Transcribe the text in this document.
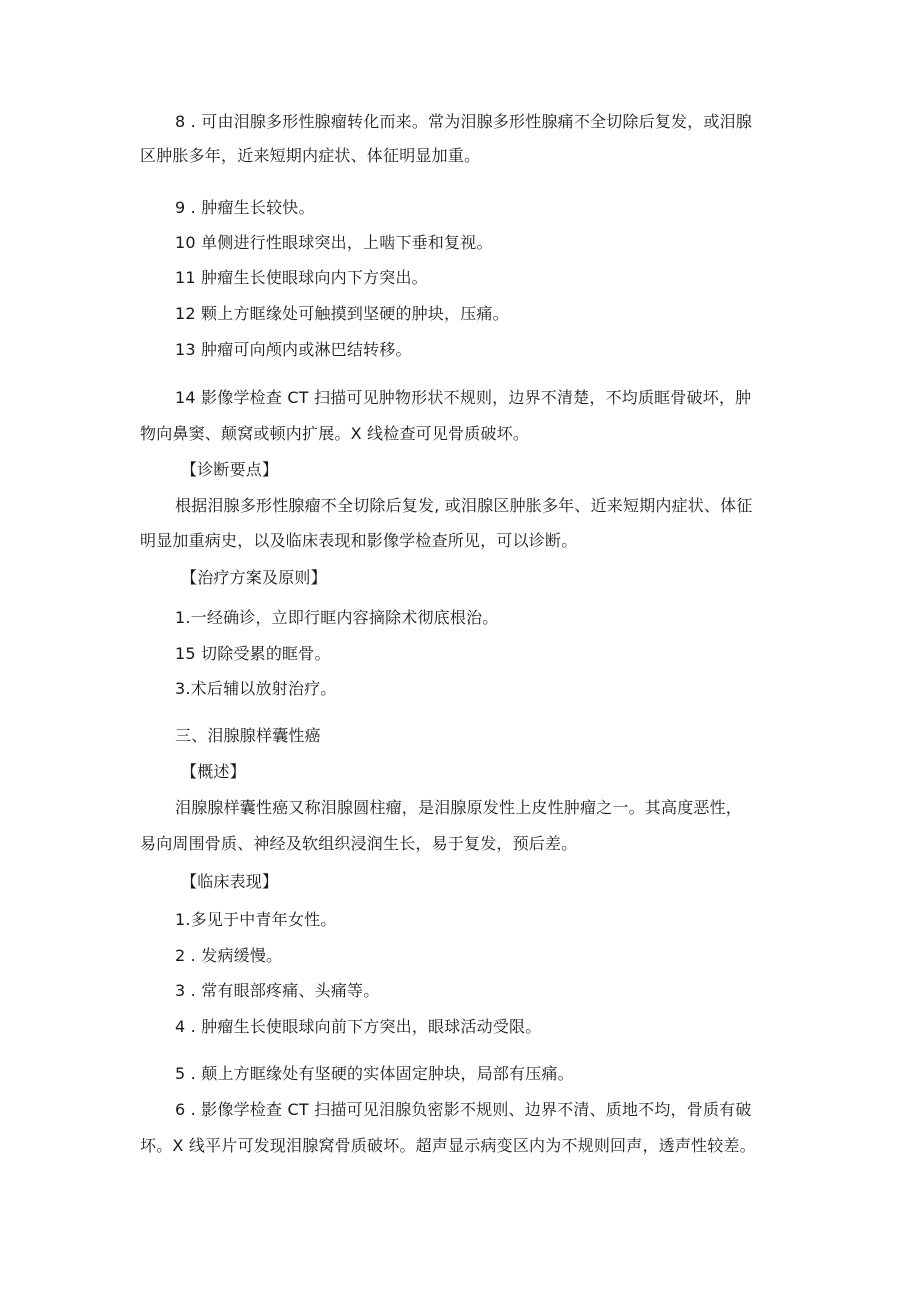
8 . 可由泪腺多形性腺瘤转化而来。常为泪腺多形性腺痛不全切除后复发，或泪腺
区肿胀多年，近来短期内症状、体征明显加重。
9 . 肿瘤生长较快。
10 单侧进行性眼球突出，上啮下垂和复视。
11 肿瘤生长使眼球向内下方突出。
12 颗上方眶缘处可触摸到坚硬的肿块，压痛。
13 肿瘤可向颅内或淋巴结转移。
14 影像学检查 CT 扫描可见肿物形状不规则，边界不清楚，不均质眶骨破坏，肿
物向鼻窦、颠窝或顿内扩展。X 线检查可见骨质破坏。
【诊断要点】
根据泪腺多形性腺瘤不全切除后复发, 或泪腺区肿胀多年、近来短期内症状、体征
明显加重病史，以及临床表现和影像学检查所见，可以诊断。
【治疗方案及原则】
1.一经确诊，立即行眶内容摘除术彻底根治。
15 切除受累的眶骨。
3.术后辅以放射治疗。
三、泪腺腺样囊性癌
【概述】
泪腺腺样囊性癌又称泪腺圆柱瘤，是泪腺原发性上皮性肿瘤之一。其高度恶性，
易向周围骨质、神经及软组织浸润生长，易于复发，预后差。
【临床表现】
1.多见于中青年女性。
2 . 发病缓慢。
3 . 常有眼部疼痛、头痛等。
4 . 肿瘤生长使眼球向前下方突出，眼球活动受限。
5 . 颠上方眶缘处有坚硬的实体固定肿块，局部有压痛。
6 . 影像学检查 CT 扫描可见泪腺负密影不规则、边界不清、质地不均，骨质有破
坏。X 线平片可发现泪腺窝骨质破坏。超声显示病变区内为不规则回声，透声性较差。
